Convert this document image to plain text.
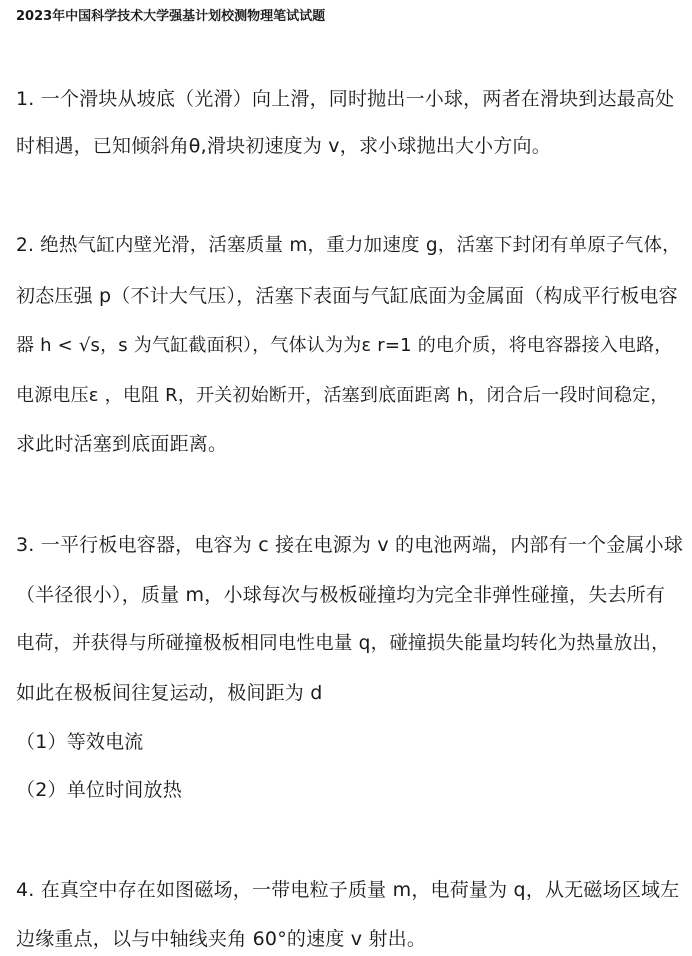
2023年中国科学技术大学强基计划校测物理笔试试题
1. 一个滑块从坡底（光滑）向上滑，同时抛出一小球，两者在滑块到达最高处
时相遇，已知倾斜角θ,滑块初速度为 v，求小球抛出大小方向。
2. 绝热气缸内壁光滑，活塞质量 m，重力加速度 g，活塞下封闭有单原子气体，
初态压强 p（不计大气压），活塞下表面与气缸底面为金属面（构成平行板电容
器 h < √s，s 为气缸截面积），气体认为为ε r=1 的电介质，将电容器接入电路，
电源电压ε ，电阻 R，开关初始断开，活塞到底面距离 h，闭合后一段时间稳定，
求此时活塞到底面距离。
3. 一平行板电容器，电容为 c 接在电源为 v 的电池两端，内部有一个金属小球
（半径很小），质量 m，小球每次与极板碰撞均为完全非弹性碰撞，失去所有
电荷，并获得与所碰撞极板相同电性电量 q，碰撞损失能量均转化为热量放出，
如此在极板间往复运动，极间距为 d
（1）等效电流
（2）单位时间放热
4. 在真空中存在如图磁场，一带电粒子质量 m，电荷量为 q，从无磁场区域左
边缘重点，以与中轴线夹角 60°的速度 v 射出。
